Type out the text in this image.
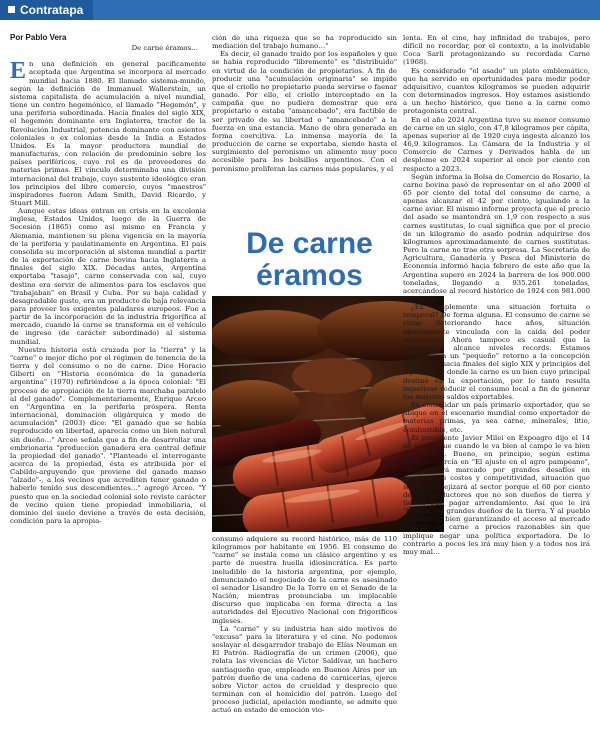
Contratapa
Por Pablo Vera
De carne éramos…

En una definición en general pacíficamente aceptada que Argentina se incorpora al mercado mundial hacia 1880. El llamado sistema-mundo, según la definición de Immanuel Wallerstein, un sistema capitalista de acumulación a nivel mundial, tiene un centro hegemónico, el llamado "Hegemón", y una periferia subordinada. Hacia finales del siglo XIX, el hegemón dominante era Inglaterra, tractor de la Revolución Industrial, potencia dominante con asientos coloniales o ex colonias desde la India a Estados Unidos. Es la mayor productora mundial de manufacturas, con relación de predominio sobre los países periféricos, cuyo rol es de proveedores de materias primas. El vínculo determinaba una división internacional del trabajo, cuyo sustento ideológico eran los principios del libre comercio, cuyos "maestros" inspiradores fueron Adam Smith, David Ricardo, y Stuart Mill.

Aunque estas ideas entran en crisis en la excolonia inglesa, Estados Unidos, luego de la Guerra de Secesión (1865) como así mismo en Francia y Alemania, mantienen su plena vigencia en la mayoría de la periferia y paulatinamente en Argentina. El país consolida su incorporación al sistema mundial a partir de la exportación de carne bovina hacia Inglaterra a finales del siglo XIX. Décadas antes, Argentina exportaba "tasajo", carne conservada con sal, cuyo destino era servir de alimentos para los esclavos que "trabajaban" en Brasil y Cuba. Por su baja calidad y desagradable gusto, era un producto de baja relevancia para proveer los exigentes paladares europeos. Fue a partir de la incorporación de la industria frigorífica al mercado, cuando la carne se transforma en el vehículo de ingreso (de carácter subordinado) al sistema mundial.

Nuestra historia está cruzada por la "tierra" y la "carne" o mejor dicho por el régimen de tenencia de la tierra y del consumo o no de carne. Dice Horacio Giberti en "Historia económica de la ganadería argentina" (1970) refiriéndose a la época colonial: "El proceso de apropiación de la tierra marchaba paralelo al del ganado". Complementariamente, Enrique Arceo en "Argentina en la periferia próspera. Renta internacional, dominación oligárquica y modo de acumulación" (2003) dice: "El ganado que se había reproducido en libertad, aparecía como un bien natural sin dueño…" Arceo señala que a fin de desarrollar una embrionaria "producción ganadera era central definir la propiedad del ganado". "Planteado el interrogante acerca de la propiedad, ésta es atribuida por el Cabildo-arguyendo que proviene del ganado manso "alzado"-, a los vecinos que acrediten tener ganado o haberlo tenido sus descendientes…" agregó Arceo. "Y puesto que en la sociedad colonial solo reviste carácter de vecino quien tiene propiedad inmobiliaria, el dominio del suelo deviene a través de esta decisión, condición para la apropia-

ción de una riqueza que se ha reproducido sin mediación del trabajo humano…"

Es decir, el ganado traído por los españoles y que se había reproducido "libremente" es "distribuido" en virtud de la condición de propietarios. A fin de producir una "acumulación originaria" se impide que el criollo no propietario pueda servirse o faenar ganado. Por ello, el criollo interceptado en la campaña que no pudiera demostrar que era propietario o estaba "amancebado", era factible de ser privado de su libertad o "amancebado" a la fuerza en una estancia. Mano de obra generada en forma coercitiva. La inmensa mayoría de la producción de carne se exportaba, siendo hasta el surgimiento del peronismo un alimento muy poco accesible para los bolsillos argentinos. Con el peronismo proliferan las carnes más populares, y el

De carne
éramos

consumo adquiere su record histórico, más de 110 kilogramos por habitante en 1956. El consumo de "carne" se instala como un clásico argentino y es parte de nuestra huella idiosincrática. Es parte ineludible de la historia argentina, por ejemplo, denunciando el negociado de la carne es asesinado el senador Lisandro De la Torre en el Senado de la Nación, mientras pronunciaba un implacable discurso que implicaba en forma directa a las autoridades del Ejecutivo Nacional con frigoríficos ingleses.

La "carne" y su industria han sido motivos de "excusa" para la literatura y el cine. No podemos soslayar el desgarrador trabajo de Elías Neuman en El Patrón. Radiografía de un crimen (2006), que relata las vivencias de Víctor Saldívar, un hachero santiagueño que, empleado en Buenos Aires por un patrón dueño de una cadena de carnicerías, ejerce sobre Víctor actos de crueldad y desprecio que terminan con el homicidio del patrón. Luego del proceso judicial, apelación mediante, se admite que actuó en estado de emoción vio-

lenta. En el cine, hay infinidad de trabajos, pero difícil no recordar, por el contexto, a la inolvidable Coca Sarli protagonizando su recordada Carne (1968).

Es considerado "el asado" un plato emblemático, que ha servido en oportunidades para medir poder adquisitivo, cuantos kilogramos se pueden adquirir con determinados ingresos. Hoy estamos asistiendo a un hecho histórico, que tiene a la carne como protagonista central.

En el año 2024 Argentina tuvo su menor consumo de carne en un siglo, con 47,8 kilogramos per cápita, apenas superior al de 1920 cuya ingesta alcanzó los 46,9 kilogramos. La Cámara de la Industria y el Comercio de Carnes y Derivados habla de un desplome en 2024 superior al once por ciento con respecto a 2023.

Según informa la Bolsa de Comercio de Rosario, la carne bovina pasó de representar en el año 2000 el 65 por ciento del total del consumo de carne, a apenas alcanzar el 42 por ciento, igualando a la carne aviar. El mismo informe proyecta que el precio del asado se mantendrá en 1,9 con respecto a sus carnes sustitutas, lo cual significa que por el precio de un kilogramo de asado podrán adquirirse dos kilogramos aproximadamente de carnes sustitutas. Pero la carne no trae otra sorpresa. La Secretaría de Agricultura, Ganadería y Pesca del Ministerio de Economía informó hacia febrero de este año que la Argentina superó en 2024 la barrera de los 900.000 toneladas, llegando a 935.261 toneladas, acercándose al record histórico de 1924 con 981.000 toneladas.

¿Es simplemente una situación fortuita o temporal? De forma alguna. El consumo de carne se viene deteriorando hace años, situación directamente vinculada con la caída del poder adquisitivo. Ahora tampoco es casual que la exportación alcance niveles records. Estamos asistiendo a un "pequeño" retorno a la concepción que primó hacia finales del siglo XIX y principios del siglo XX, en donde la carne es un bien cuyo principal destino es la exportación, por lo tanto resulta imperioso reducir el consumo local a fin de generar los mayores saldos exportables.

Es consolidar un país primario exportador, que se ubique en el escenario mundial como exportador de materias primas, ya sea carne, minerales, litio, combustible, etc.

El presidente Javier Milei en Expoagro dijo el 14 de marzo que cuando le va bien al campo le va bien al pueblo… Bueno, en principio, según estima Rolando García en "El ajuste en el agro pampeano", 2025 estará marcado por grandes desafíos en términos de costos y competitividad, situación que se le complejizará al sector porque el 60 por ciento de los productores que no son dueños de tierra y tienen que pagar arrendamiento. Así que le irá "bien" a los grandes dueños de la tierra. Y al pueblo le podrá ir bien garantizando el acceso al mercado interno de carne a precios razonables sin que implique negar una política exportadora. De lo contrario a pocos les irá muy bien y a todos nos irá muy mal…
